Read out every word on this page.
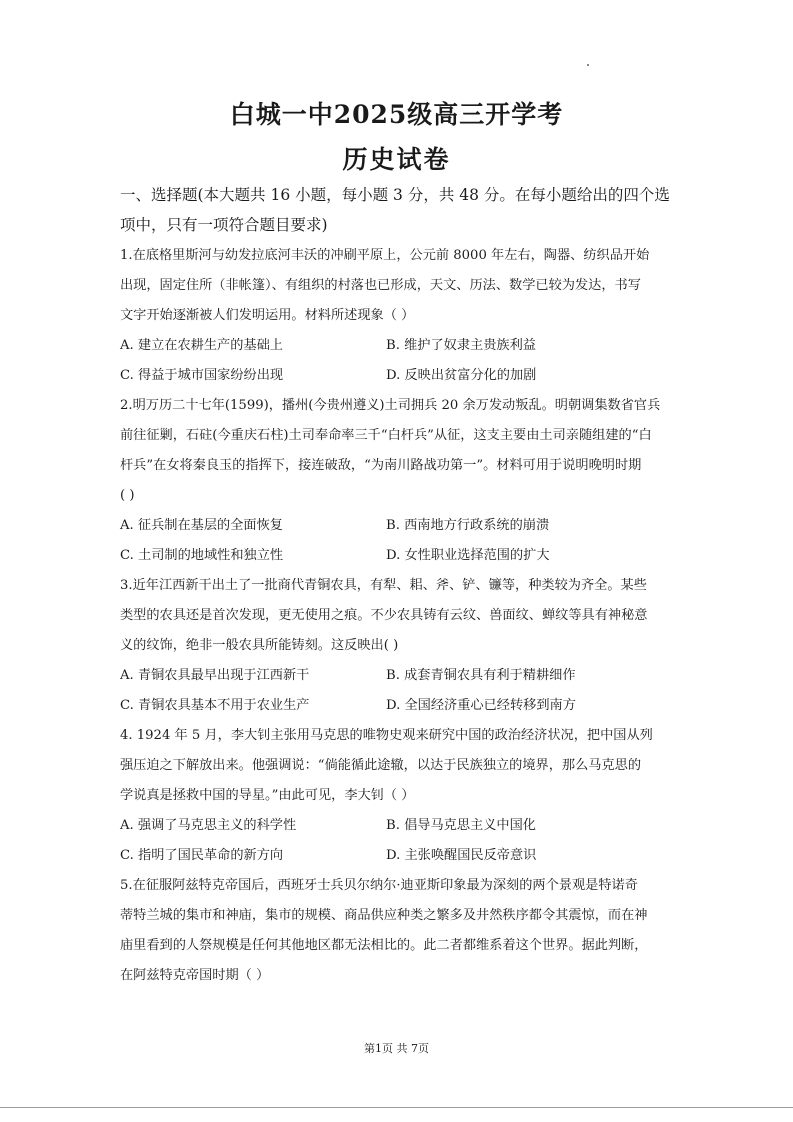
白城一中2025级高三开学考
历史试卷
一、选择题(本大题共 16 小题，每小题 3 分，共 48 分。在每小题给出的四个选
项中，只有一项符合题目要求)
1.在底格里斯河与幼发拉底河丰沃的冲刷平原上，公元前 8000 年左右，陶器、纺织品开始
出现，固定住所（非帐篷）、有组织的村落也已形成，天文、历法、数学已较为发达，书写
文字开始逐渐被人们发明运用。材料所述现象（ ）
A. 建立在农耕生产的基础上	B. 维护了奴隶主贵族利益
C. 得益于城市国家纷纷出现	D. 反映出贫富分化的加剧
2.明万历二十七年(1599)，播州(今贵州遵义)土司拥兵 20 余万发动叛乱。明朝调集数省官兵
前往征剿，石砫(今重庆石柱)土司奉命率三千“白杆兵”从征，这支主要由土司亲随组建的“白
杆兵”在女将秦良玉的指挥下，接连破敌，“为南川路战功第一”。材料可用于说明晚明时期
( )
A. 征兵制在基层的全面恢复	B. 西南地方行政系统的崩溃
C. 土司制的地域性和独立性	D. 女性职业选择范围的扩大
3.近年江西新干出土了一批商代青铜农具，有犁、耜、斧、铲、镰等，种类较为齐全。某些
类型的农具还是首次发现，更无使用之痕。不少农具铸有云纹、兽面纹、蝉纹等具有神秘意
义的纹饰，绝非一般农具所能铸刻。这反映出( )
A. 青铜农具最早出现于江西新干	B. 成套青铜农具有利于精耕细作
C. 青铜农具基本不用于农业生产	D. 全国经济重心已经转移到南方
4. 1924 年 5 月，李大钊主张用马克思的唯物史观来研究中国的政治经济状况，把中国从列
强压迫之下解放出来。他强调说：“倘能循此途辙，以达于民族独立的境界，那么马克思的
学说真是拯救中国的导星。”由此可见，李大钊（ ）
A. 强调了马克思主义的科学性	B. 倡导马克思主义中国化
C. 指明了国民革命的新方向	D. 主张唤醒国民反帝意识
5.在征服阿兹特克帝国后，西班牙士兵贝尔纳尔·迪亚斯印象最为深刻的两个景观是特诺奇
蒂特兰城的集市和神庙，集市的规模、商品供应种类之繁多及井然秩序都令其震惊，而在神
庙里看到的人祭规模是任何其他地区都无法相比的。此二者都维系着这个世界。据此判断，
在阿兹特克帝国时期（ ）
第1页 共 7页
